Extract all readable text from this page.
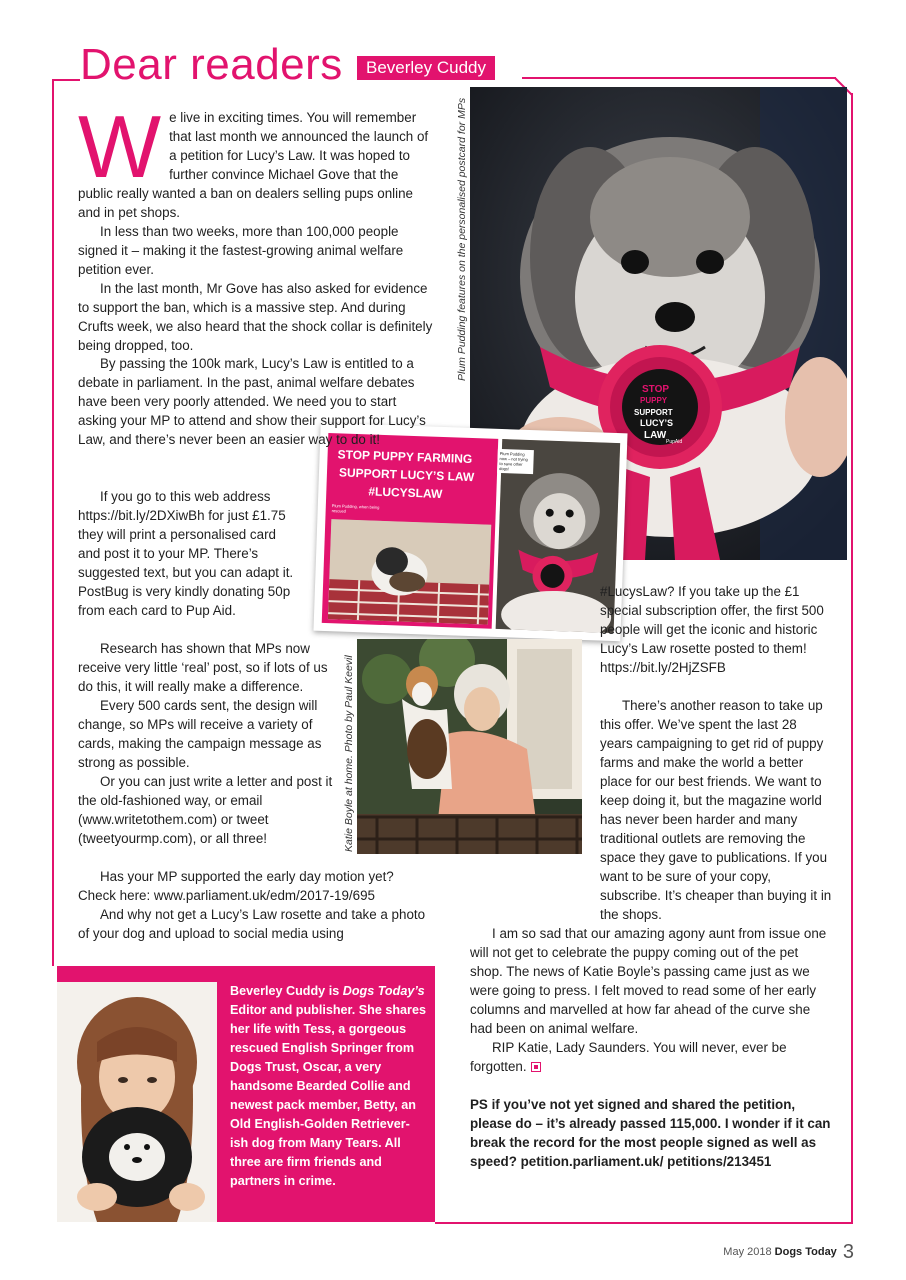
Dear readers	Beverley Cuddy
STOP
PUPPY
SUPPORT
LUCY’S
LAW
PupAid
Plum Pudding features on the personalised postcard for MPs
STOP PUPPY FARMING
SUPPORT LUCY’S LAW
#LUCYSLAW
Plum Pudding, when being rescued
Plum Pudding now – not trying to save other dogs!
Katie Boyle at home. Photo by Paul Keevil
W e live in exciting times. You will remember that last month we announced the launch of a petition for Lucy’s Law. It was hoped to further convince Michael Gove that the public really wanted a ban on dealers selling pups online and in pet shops.

In less than two weeks, more than 100,000 people signed it – making it the fastest-growing animal welfare petition ever.

In the last month, Mr Gove has also asked for evidence to support the ban, which is a massive step. And during Crufts week, we also heard that the shock collar is definitely being dropped, too.

By passing the 100k mark, Lucy’s Law is entitled to a debate in parliament. In the past, animal welfare debates have been very poorly attended. We need you to start asking your MP to attend and show their support for Lucy’s Law, and there’s never been an easier way to do it!

If you go to this web address https://bit.ly/2DXiwBh for just £1.75 they will print a personalised card and post it to your MP. There’s suggested text, but you can adapt it. PostBug is very kindly donating 50p from each card to Pup Aid.

Research has shown that MPs now receive very little ‘real’ post, so if lots of us do this, it will really make a difference.

Every 500 cards sent, the design will change, so MPs will receive a variety of cards, making the campaign message as strong as possible.

Or you can just write a letter and post it the old-fashioned way, or email (www.writetothem.com) or tweet (tweetyourmp.com), or all three!

Has your MP supported the early day motion yet? Check here: www.parliament.uk/edm/2017-19/695

And why not get a Lucy’s Law rosette and take a photo of your dog and upload to social media using

#LucysLaw? If you take up the £1 special subscription offer, the first 500 people will get the iconic and historic Lucy’s Law rosette posted to them! https://bit.ly/2HjZSFB

There’s another reason to take up this offer. We’ve spent the last 28 years campaigning to get rid of puppy farms and make the world a better place for our best friends. We want to keep doing it, but the magazine world has never been harder and many traditional outlets are removing the space they gave to publications. If you want to be sure of your copy, subscribe. It’s cheaper than buying it in the shops.

I am so sad that our amazing agony aunt from issue one will not get to celebrate the puppy coming out of the pet shop. The news of Katie Boyle’s passing came just as we were going to press. I felt moved to read some of her early columns and marvelled at how far ahead of the curve she had been on animal welfare.

RIP Katie, Lady Saunders. You will never, ever be forgotten.

PS if you’ve not yet signed and shared the petition, please do – it’s already passed 115,000. I wonder if it can break the record for the most people signed as well as speed? petition.parliament.uk/ petitions/213451

Beverley Cuddy is Dogs Today’s Editor and publisher. She shares her life with Tess, a gorgeous rescued English Springer from Dogs Trust, Oscar, a very handsome Bearded Collie and newest pack member, Betty, an Old English-Golden Retriever-ish dog from Many Tears. All three are firm friends and partners in crime.
May 2018 Dogs Today 3
